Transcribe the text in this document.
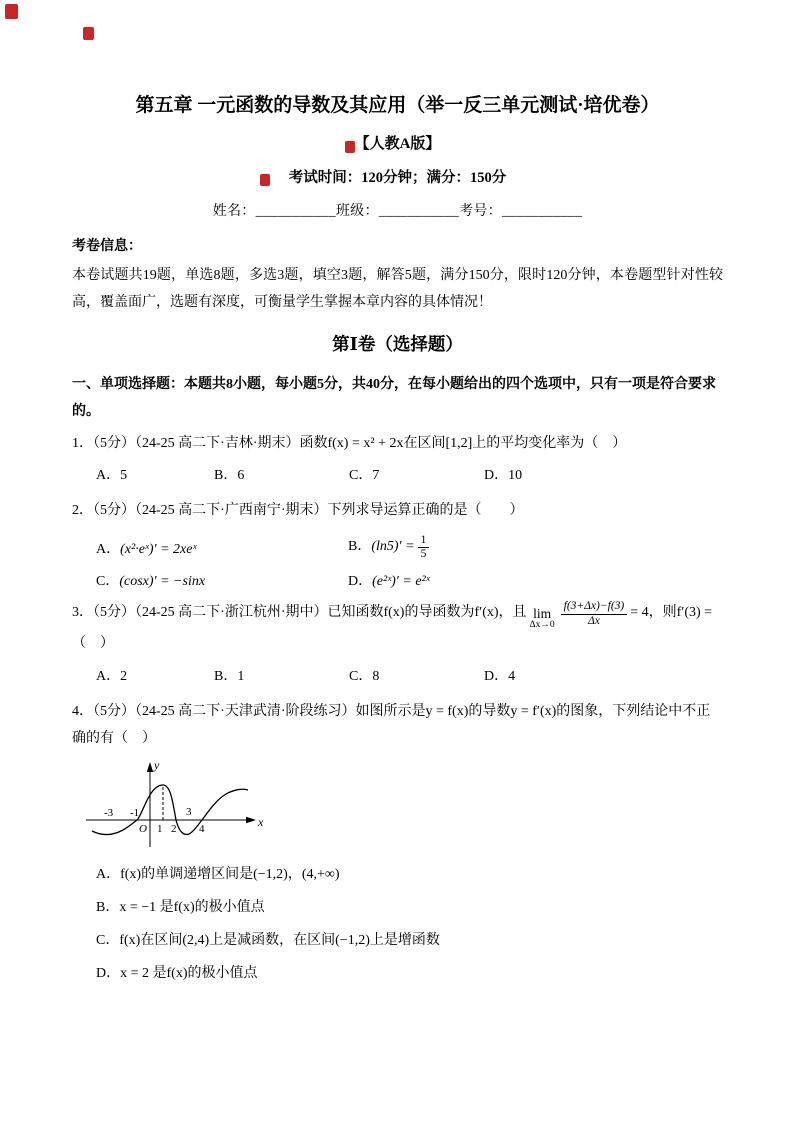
第五章 一元函数的导数及其应用（举一反三单元测试·培优卷）
【人教A版】
考试时间：120分钟；满分：150分
姓名：___________班级：___________考号：___________
考卷信息：

本卷试题共19题，单选8题，多选3题，填空3题，解答5题，满分150分，限时120分钟，本卷题型针对性较高，覆盖面广，选题有深度，可衡量学生掌握本章内容的具体情况！

第Ⅰ卷（选择题）
一、单项选择题：本题共8小题，每小题5分，共40分，在每小题给出的四个选项中，只有一项是符合要求的。
1．（5分）（24-25 高二下·吉林·期末）函数f(x) = x² + 2x在区间[1,2]上的平均变化率为（　）
A．5	B．6	C．7	D．10
2．（5分）（24-25 高二下·广西南宁·期末）下列求导运算正确的是（　　）
A．(x²·eˣ)′ = 2xeˣ	B．$(\ln 5)' = \frac{1}{5}$
C．(cosx)′ = −sinx	D．(e²ˣ)′ = e²ˣ
3．（5分）（24-25 高二下·浙江杭州·期中）已知函数f(x)的导函数为f′(x)，且 lim
$\Delta x\to 0 \frac{f(3+\Delta x)-f(3)}{\Delta x} = 4$，则f′(3) =
（　）
A．2	B．1	C．8	D．4
4．（5分）（24-25 高二下·天津武清·阶段练习）如图所示是y = f(x)的导数y = f′(x)的图象，下列结论中不正确的有（　）
y
x
O
-3 -1
1 2
3
4
A．f(x)的单调递增区间是(−1,2)，(4,+∞)
B．x = −1 是f(x)的极小值点
C．f(x)在区间(2,4)上是减函数，在区间(−1,2)上是增函数
D．x = 2 是f(x)的极小值点
